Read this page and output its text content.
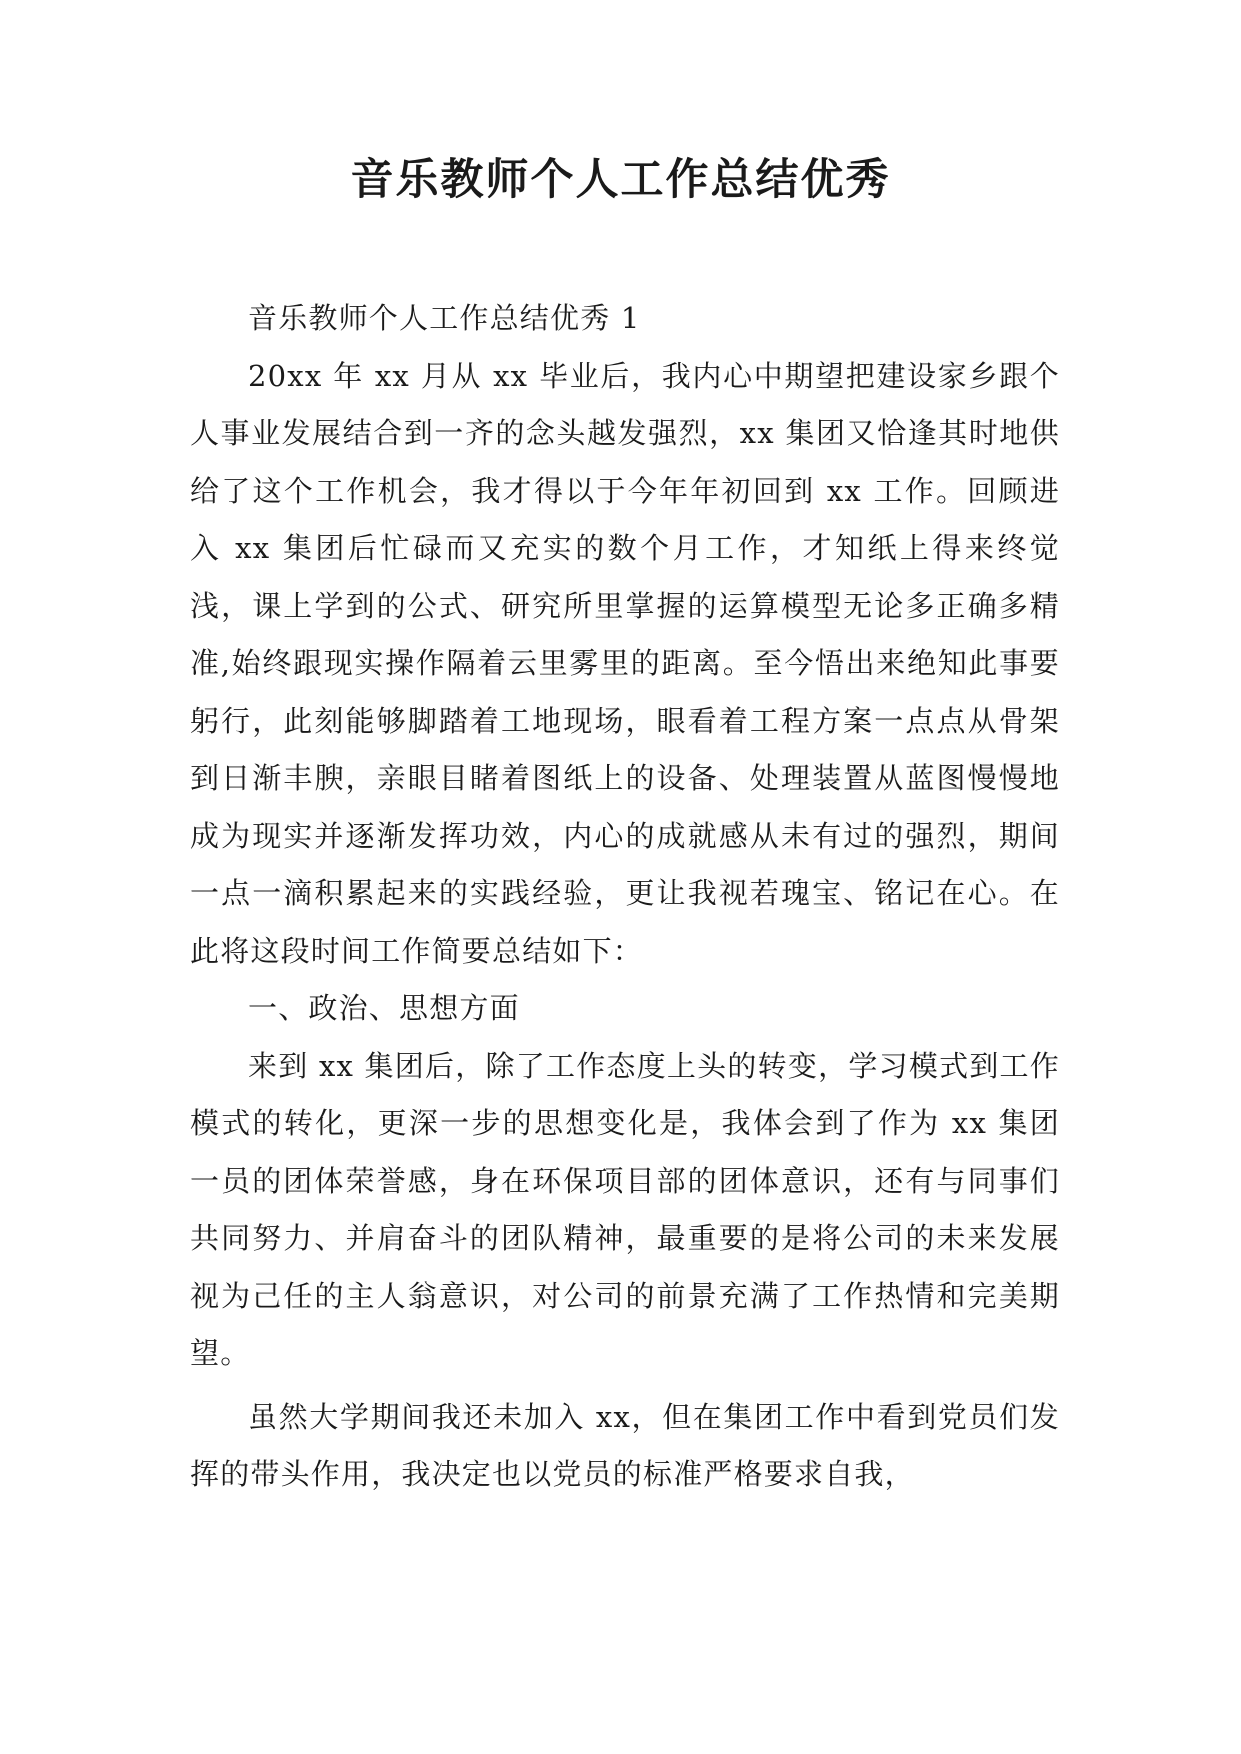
音乐教师个人工作总结优秀

音乐教师个人工作总结优秀 1

20xx 年 xx 月从 xx 毕业后，我内心中期望把建设家乡跟个人事业发展结合到一齐的念头越发强烈，xx 集团又恰逢其时地供给了这个工作机会，我才得以于今年年初回到 xx 工作。回顾进入 xx 集团后忙碌而又充实的数个月工作，才知纸上得来终觉浅，课上学到的公式、研究所里掌握的运算模型无论多正确多精准,始终跟现实操作隔着云里雾里的距离。至今悟出来绝知此事要躬行，此刻能够脚踏着工地现场，眼看着工程方案一点点从骨架到日渐丰腴，亲眼目睹着图纸上的设备、处理装置从蓝图慢慢地成为现实并逐渐发挥功效，内心的成就感从未有过的强烈，期间一点一滴积累起来的实践经验，更让我视若瑰宝、铭记在心。在此将这段时间工作简要总结如下：

一、政治、思想方面

来到 xx 集团后，除了工作态度上头的转变，学习模式到工作模式的转化，更深一步的思想变化是，我体会到了作为 xx 集团一员的团体荣誉感，身在环保项目部的团体意识，还有与同事们共同努力、并肩奋斗的团队精神，最重要的是将公司的未来发展视为己任的主人翁意识，对公司的前景充满了工作热情和完美期望。

虽然大学期间我还未加入 xx，但在集团工作中看到党员们发挥的带头作用，我决定也以党员的标准严格要求自我，
